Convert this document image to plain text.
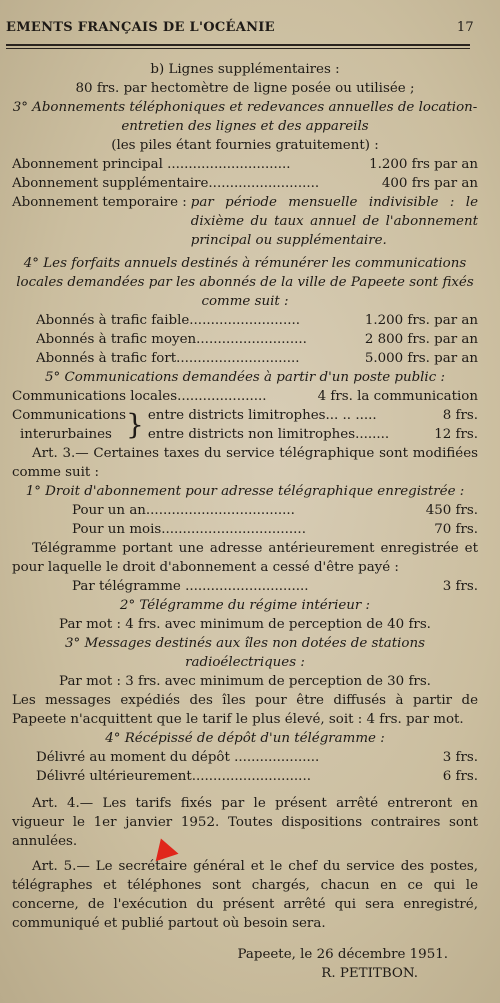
EMENTS FRANÇAIS DE L'OCÉANIE	17
b) Lignes supplémentaires :
80 frs. par hectomètre de ligne posée ou utilisée ;
3° Abonnements téléphoniques et redevances annuelles de location-entretien des lignes et des appareils
(les piles étant fournies gratuitement) :
Abonnement principal .............................	1.200 frs par an
Abonnement supplémentaire..........................	400 frs par an
Abonnement temporaire : par période mensuelle indivisible : le dixième du taux annuel de l'abonnement principal ou supplémentaire.
4° Les forfaits annuels destinés à rémunérer les communications locales demandées par les abonnés de la ville de Papeete sont fixés comme suit :
Abonnés à trafic faible..........................	1.200 frs. par an
Abonnés à trafic moyen..........................	2 800 frs. par an
Abonnés à trafic fort.............................	5.000 frs. par an
5° Communications demandées à partir d'un poste public :
Communications locales.....................	4 frs. la communication
Communications
interurbaines } entre districts limitrophes... .. .....	8 frs.
entre districts non limitrophes........	12 frs.
Art. 3.— Certaines taxes du service télégraphique sont modifiées comme suit :
1° Droit d'abonnement pour adresse télégraphique enregistrée :
Pour un an...................................	450 frs.
Pour un mois..................................	70 frs.
Télégramme portant une adresse antérieurement enregistrée et pour laquelle le droit d'abonnement a cessé d'être payé :
Par télégramme .............................	3 frs.
2° Télégramme du régime intérieur :
Par mot : 4 frs. avec minimum de perception de 40 frs.
3° Messages destinés aux îles non dotées de stations radioélectriques :
Par mot : 3 frs. avec minimum de perception de 30 frs.
Les messages expédiés des îles pour être diffusés à partir de Papeete n'acquittent que le tarif le plus élevé, soit : 4 frs. par mot.
4° Récépissé de dépôt d'un télégramme :
Délivré au moment du dépôt ....................	3 frs.
Délivré ultérieurement............................	6 frs.
Art. 4.— Les tarifs fixés par le présent arrêté entreront en vigueur le 1er janvier 1952. Toutes dispositions contraires sont annulées.
Art. 5.— Le secrétaire général et le chef du service des postes, télégraphes et téléphones sont chargés, chacun en ce qui le concerne, de l'exécution du présent arrêté qui sera enregistré, communiqué et publié partout où besoin sera.
Papeete, le 26 décembre 1951.
R. PETITBON.
